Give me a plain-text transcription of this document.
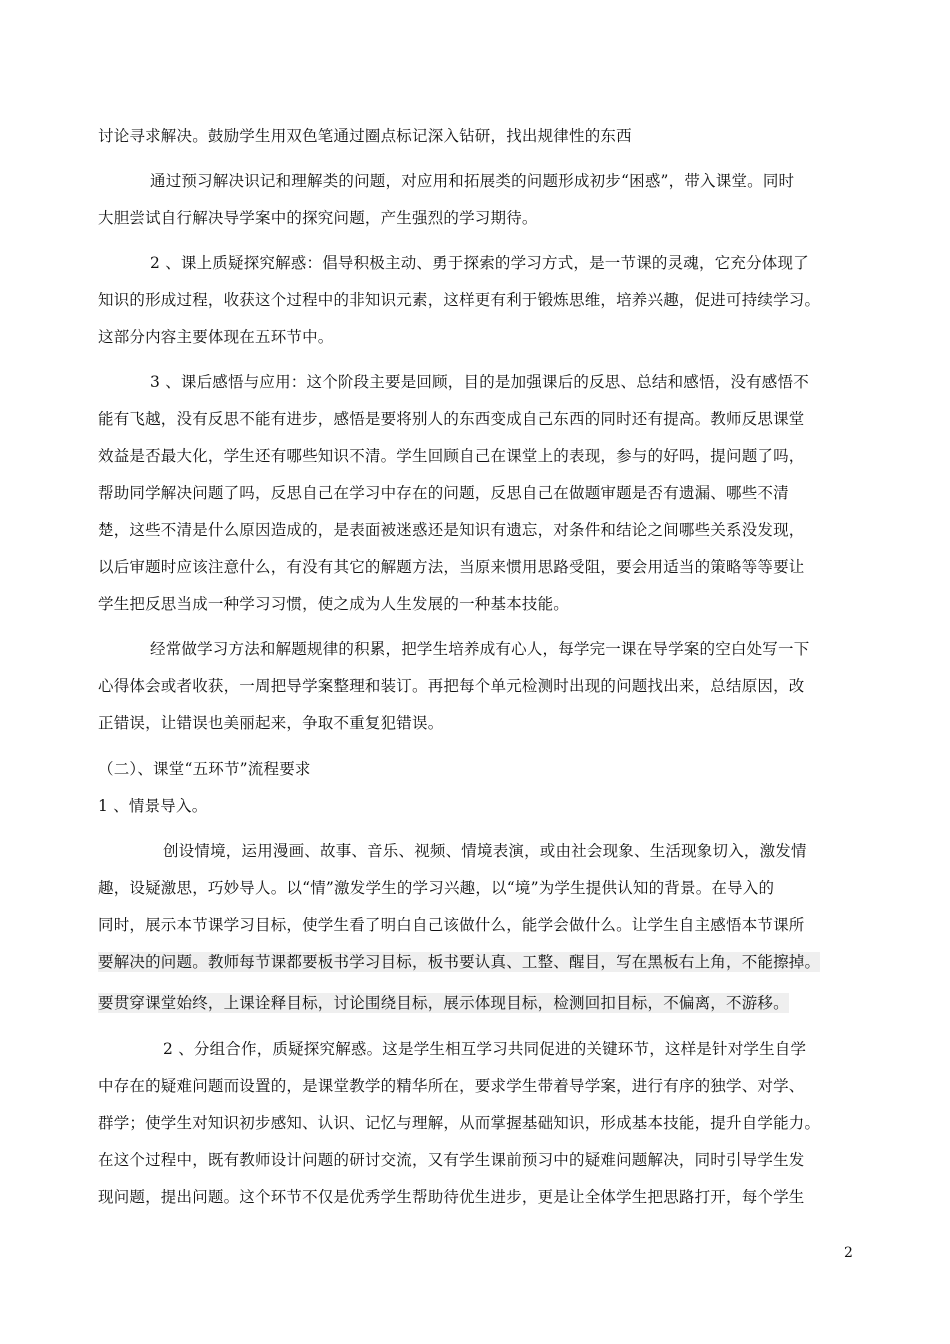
讨论寻求解决。鼓励学生用双色笔通过圈点标记深入钻研，找出规律性的东西
通过预习解决识记和理解类的问题，对应用和拓展类的问题形成初步“困惑”，带入课堂。同时
大胆尝试自行解决导学案中的探究问题，产生强烈的学习期待。
2 、课上质疑探究解惑：倡导积极主动、勇于探索的学习方式，是一节课的灵魂，它充分体现了
知识的形成过程，收获这个过程中的非知识元素，这样更有利于锻炼思维，培养兴趣，促进可持续学习。
这部分内容主要体现在五环节中。
3 、课后感悟与应用：这个阶段主要是回顾，目的是加强课后的反思、总结和感悟，没有感悟不
能有飞越，没有反思不能有进步，感悟是要将别人的东西变成自己东西的同时还有提高。教师反思课堂
效益是否最大化，学生还有哪些知识不清。学生回顾自己在课堂上的表现，参与的好吗，提问题了吗，
帮助同学解决问题了吗，反思自己在学习中存在的问题，反思自己在做题审题是否有遗漏、哪些不清
楚，这些不清是什么原因造成的，是表面被迷惑还是知识有遗忘，对条件和结论之间哪些关系没发现，
以后审题时应该注意什么，有没有其它的解题方法，当原来惯用思路受阻，要会用适当的策略等等要让
学生把反思当成一种学习习惯，使之成为人生发展的一种基本技能。
经常做学习方法和解题规律的积累，把学生培养成有心人，每学完一课在导学案的空白处写一下
心得体会或者收获，一周把导学案整理和装订。再把每个单元检测时出现的问题找出来，总结原因，改
正错误，让错误也美丽起来，争取不重复犯错误。
（二）、课堂“五环节”流程要求
1 、情景导入。
创设情境，运用漫画、故事、音乐、视频、情境表演，或由社会现象、生活现象切入，激发情
趣，设疑激思，巧妙导人。以“情”激发学生的学习兴趣，以“境”为学生提供认知的背景。在导入的
同时，展示本节课学习目标，使学生看了明白自己该做什么，能学会做什么。让学生自主感悟本节课所
要解决的问题。教师每节课都要板书学习目标，板书要认真、工整、醒目，写在黑板右上角，不能擦掉。
要贯穿课堂始终，上课诠释目标，讨论围绕目标，展示体现目标，检测回扣目标，不偏离，不游移。
2 、分组合作，质疑探究解惑。这是学生相互学习共同促进的关键环节，这样是针对学生自学
中存在的疑难问题而设置的，是课堂教学的精华所在，要求学生带着导学案，进行有序的独学、对学、
群学；使学生对知识初步感知、认识、记忆与理解，从而掌握基础知识，形成基本技能，提升自学能力。
在这个过程中，既有教师设计问题的研讨交流，又有学生课前预习中的疑难问题解决，同时引导学生发
现问题，提出问题。这个环节不仅是优秀学生帮助待优生进步，更是让全体学生把思路打开，每个学生
2
